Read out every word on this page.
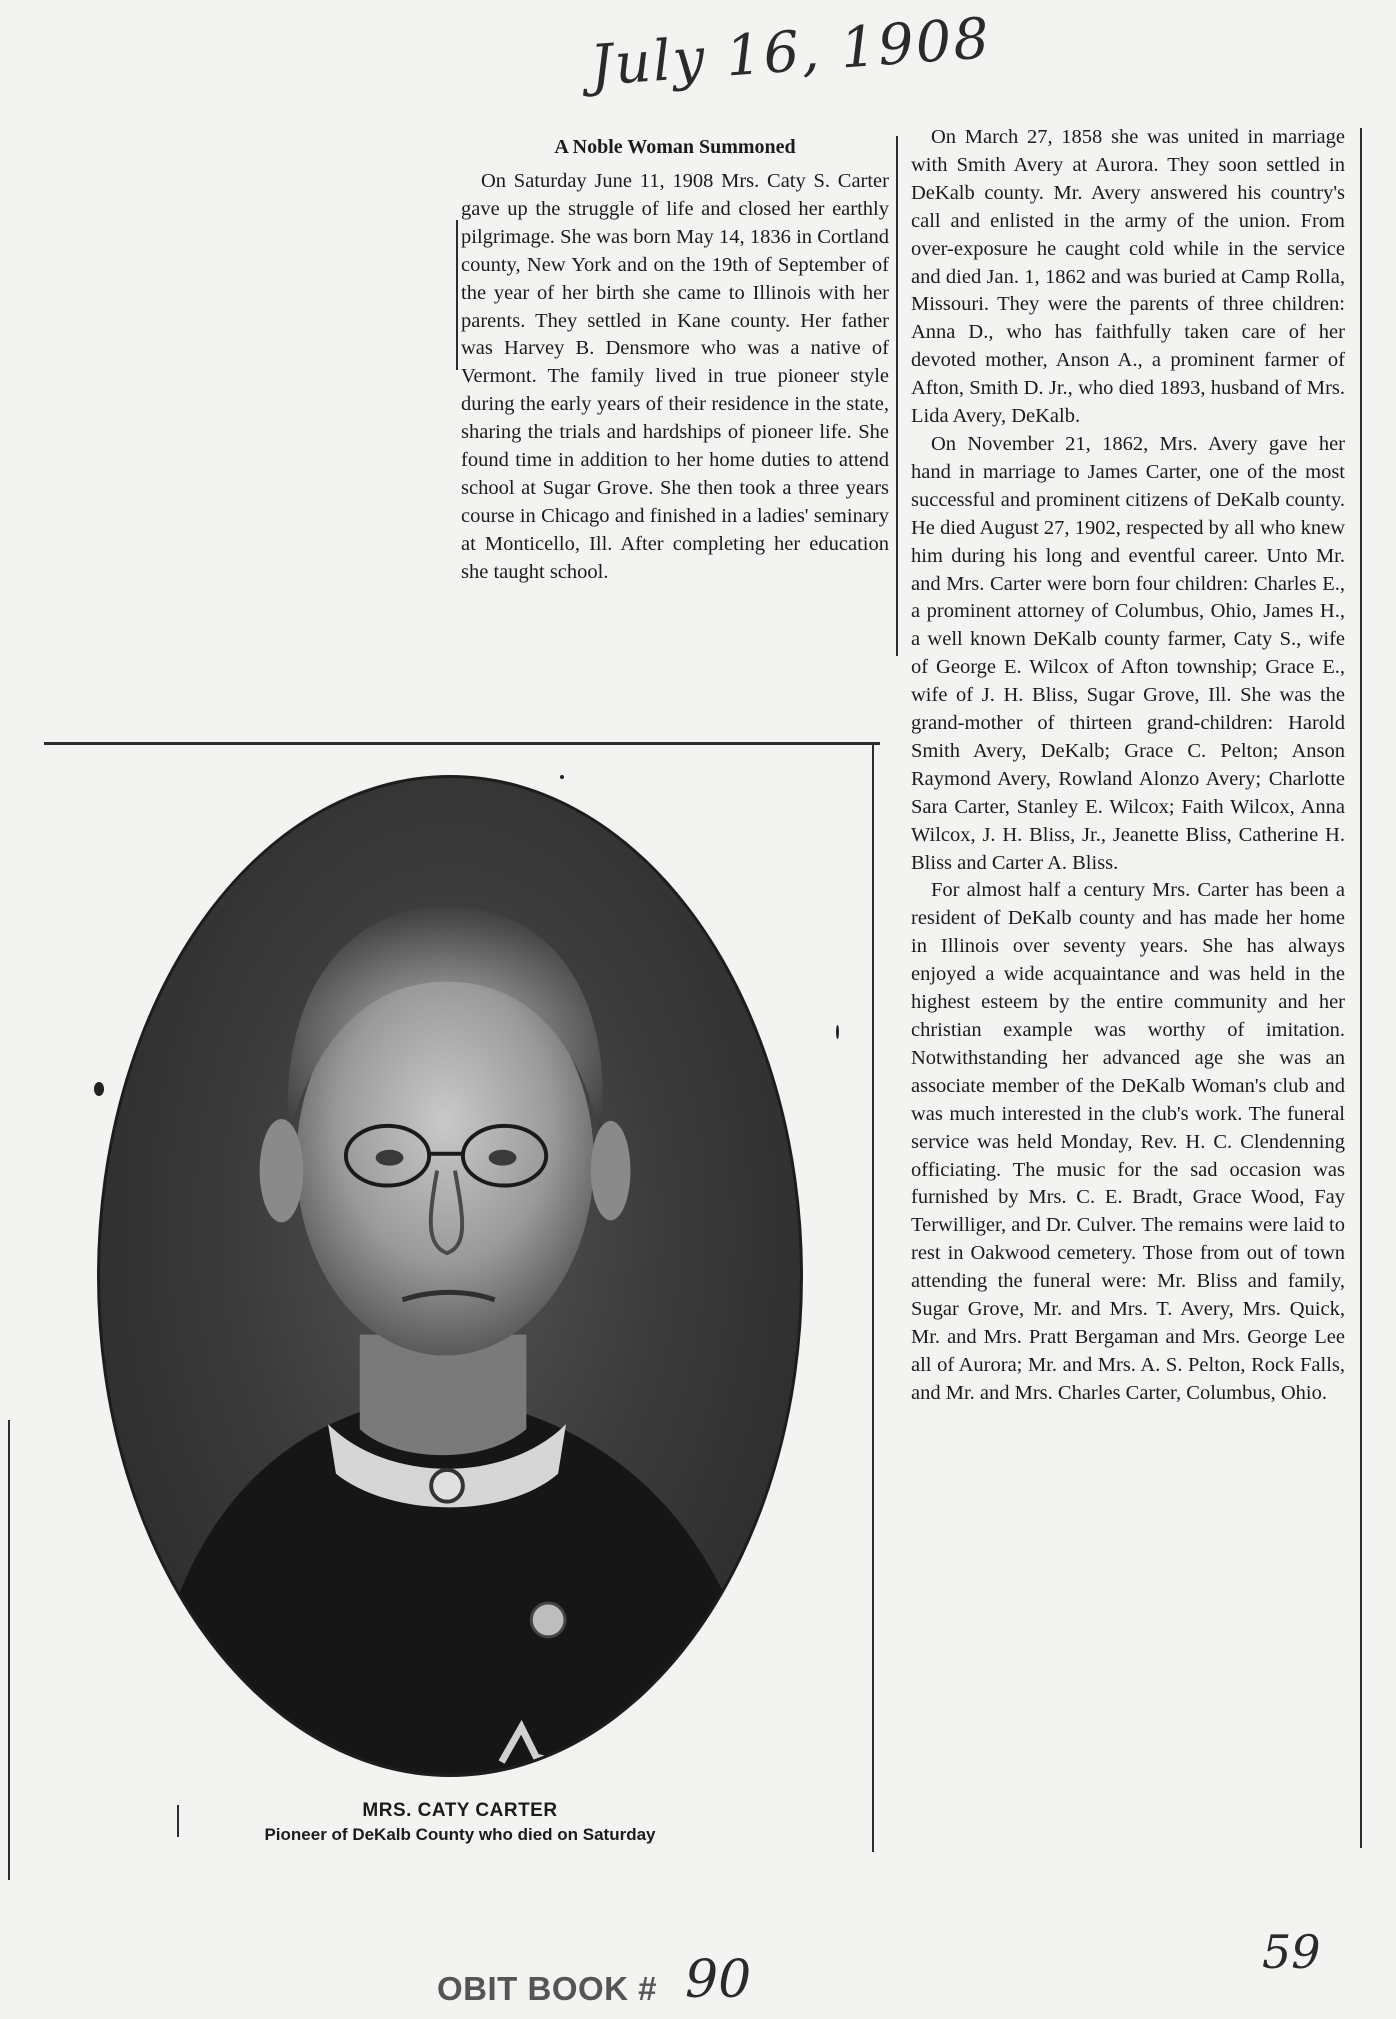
July 16, 1908
A Noble Woman Summoned

On Saturday June 11, 1908 Mrs. Caty S. Carter gave up the struggle of life and closed her earthly pilgrimage. She was born May 14, 1836 in Cortland county, New York and on the 19th of September of the year of her birth she came to Illinois with her parents. They settled in Kane county. Her father was Harvey B. Densmore who was a native of Vermont. The family lived in true pioneer style during the early years of their residence in the state, sharing the trials and hardships of pioneer life. She found time in addition to her home duties to attend school at Sugar Grove. She then took a three years course in Chicago and finished in a ladies' seminary at Monticello, Ill. After completing her education she taught school.

On March 27, 1858 she was united in marriage with Smith Avery at Aurora. They soon settled in DeKalb county. Mr. Avery answered his country's call and enlisted in the army of the union. From over-exposure he caught cold while in the service and died Jan. 1, 1862 and was buried at Camp Rolla, Missouri. They were the parents of three children: Anna D., who has faithfully taken care of her devoted mother, Anson A., a prominent farmer of Afton, Smith D. Jr., who died 1893, husband of Mrs. Lida Avery, DeKalb.

On November 21, 1862, Mrs. Avery gave her hand in marriage to James Carter, one of the most successful and prominent citizens of DeKalb county. He died August 27, 1902, respected by all who knew him during his long and eventful career. Unto Mr. and Mrs. Carter were born four children: Charles E., a prominent attorney of Columbus, Ohio, James H., a well known DeKalb county farmer, Caty S., wife of George E. Wilcox of Afton township; Grace E., wife of J. H. Bliss, Sugar Grove, Ill. She was the grand-mother of thirteen grand-children: Harold Smith Avery, DeKalb; Grace C. Pelton; Anson Raymond Avery, Rowland Alonzo Avery; Charlotte Sara Carter, Stanley E. Wilcox; Faith Wilcox, Anna Wilcox, J. H. Bliss, Jr., Jeanette Bliss, Catherine H. Bliss and Carter A. Bliss.

For almost half a century Mrs. Carter has been a resident of DeKalb county and has made her home in Illinois over seventy years. She has always enjoyed a wide acquaintance and was held in the highest esteem by the entire community and her christian example was worthy of imitation. Notwithstanding her advanced age she was an associate member of the DeKalb Woman's club and was much interested in the club's work. The funeral service was held Monday, Rev. H. C. Clendenning officiating. The music for the sad occasion was furnished by Mrs. C. E. Bradt, Grace Wood, Fay Terwilliger, and Dr. Culver. The remains were laid to rest in Oakwood cemetery. Those from out of town attending the funeral were: Mr. Bliss and family, Sugar Grove, Mr. and Mrs. T. Avery, Mrs. Quick, Mr. and Mrs. Pratt Bergaman and Mrs. George Lee all of Aurora; Mr. and Mrs. A. S. Pelton, Rock Falls, and Mr. and Mrs. Charles Carter, Columbus, Ohio.

MRS. CATY CARTER
Pioneer of DeKalb County who died on Saturday
OBIT BOOK # 90	59
